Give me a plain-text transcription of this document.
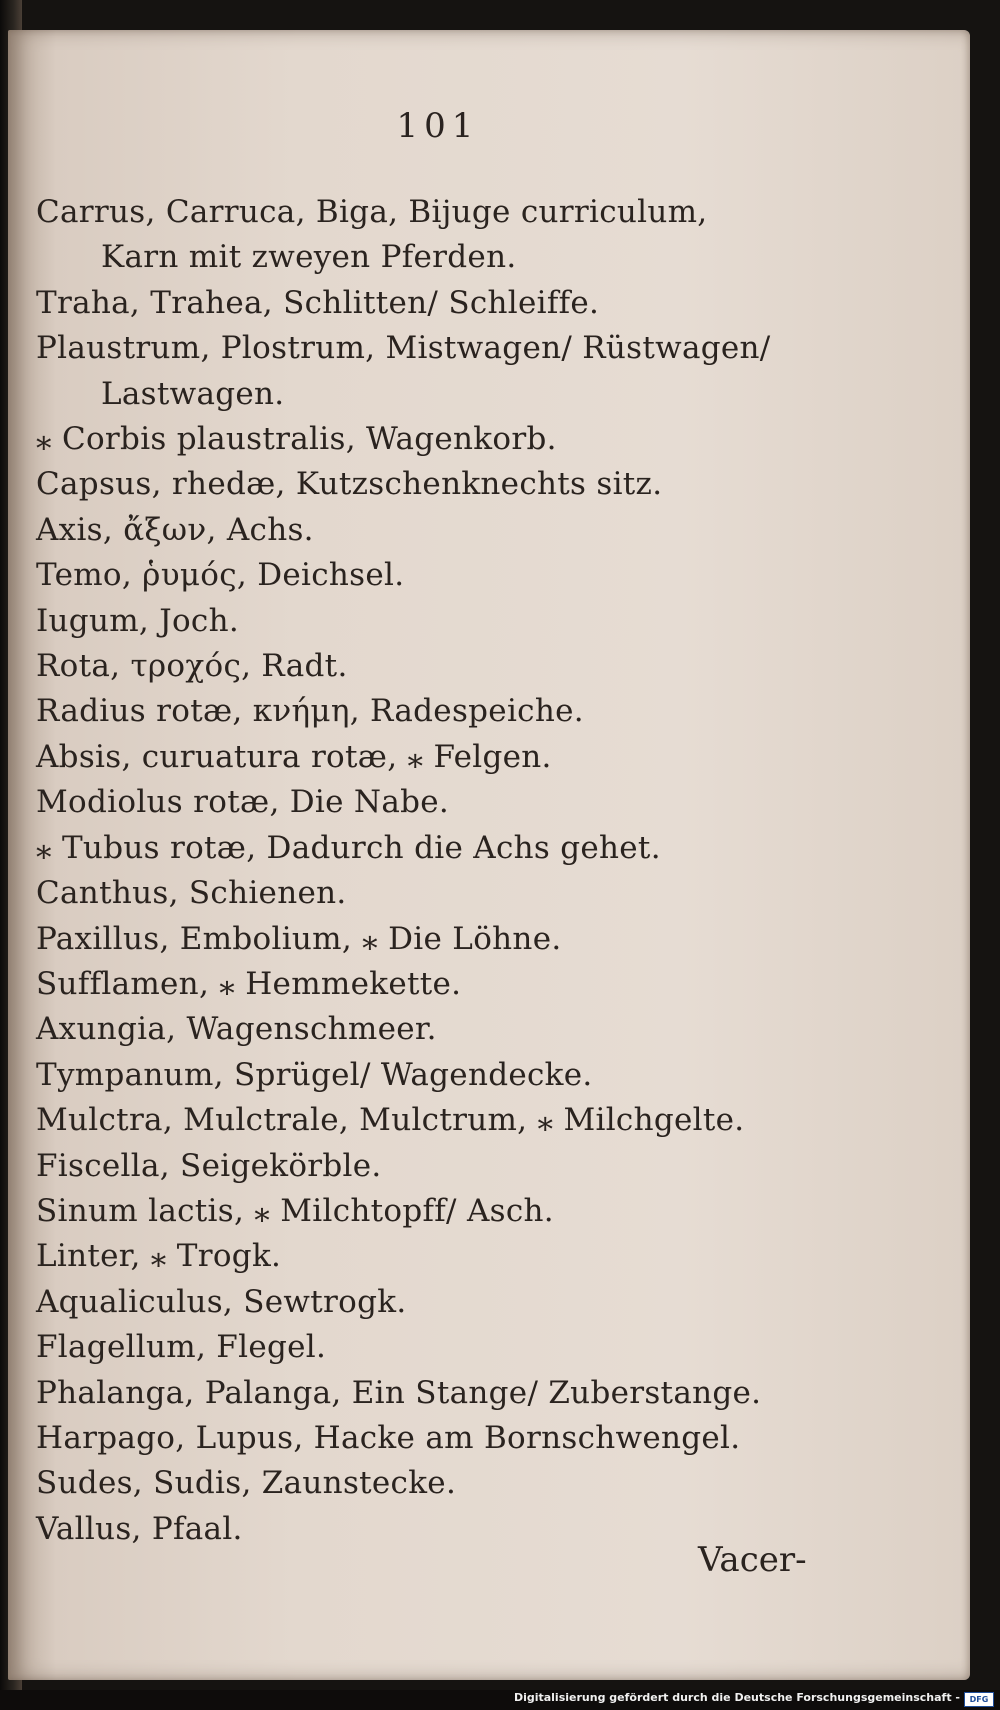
101

Carrus, Carruca, Biga, Bijuge curriculum,

Karn mit zweyen Pferden.

Traha, Trahea, Schlitten/ Schleiffe.

Plaustrum, Plostrum, Mistwagen/ Rüstwagen/

Lastwagen.

⁎ Corbis plaustralis, Wagenkorb.

Capsus, rhedæ, Kutzschenknechts sitz.

Axis, ἄξων, Achs.

Temo, ῥυμός, Deichsel.

Iugum, Joch.

Rota, τροχός, Radt.

Radius rotæ, κνήμη, Radespeiche.

Absis, curuatura rotæ, ⁎ Felgen.

Modiolus rotæ, Die Nabe.

⁎ Tubus rotæ, Dadurch die Achs gehet.

Canthus, Schienen.

Paxillus, Embolium, ⁎ Die Löhne.

Sufflamen, ⁎ Hemmekette.

Axungia, Wagenschmeer.

Tympanum, Sprügel/ Wagendecke.

Mulctra, Mulctrale, Mulctrum, ⁎ Milchgelte.

Fiscella, Seigekörble.

Sinum lactis, ⁎ Milchtopff/ Asch.

Linter, ⁎ Trogk.

Aqualiculus, Sewtrogk.

Flagellum, Flegel.

Phalanga, Palanga, Ein Stange/ Zuberstange.

Harpago, Lupus, Hacke am Bornschwengel.

Sudes, Sudis, Zaunstecke.

Vallus, Pfaal.

Vacer-
Digitalisierung gefördert durch die Deutsche Forschungsgemeinschaft -	DFG
